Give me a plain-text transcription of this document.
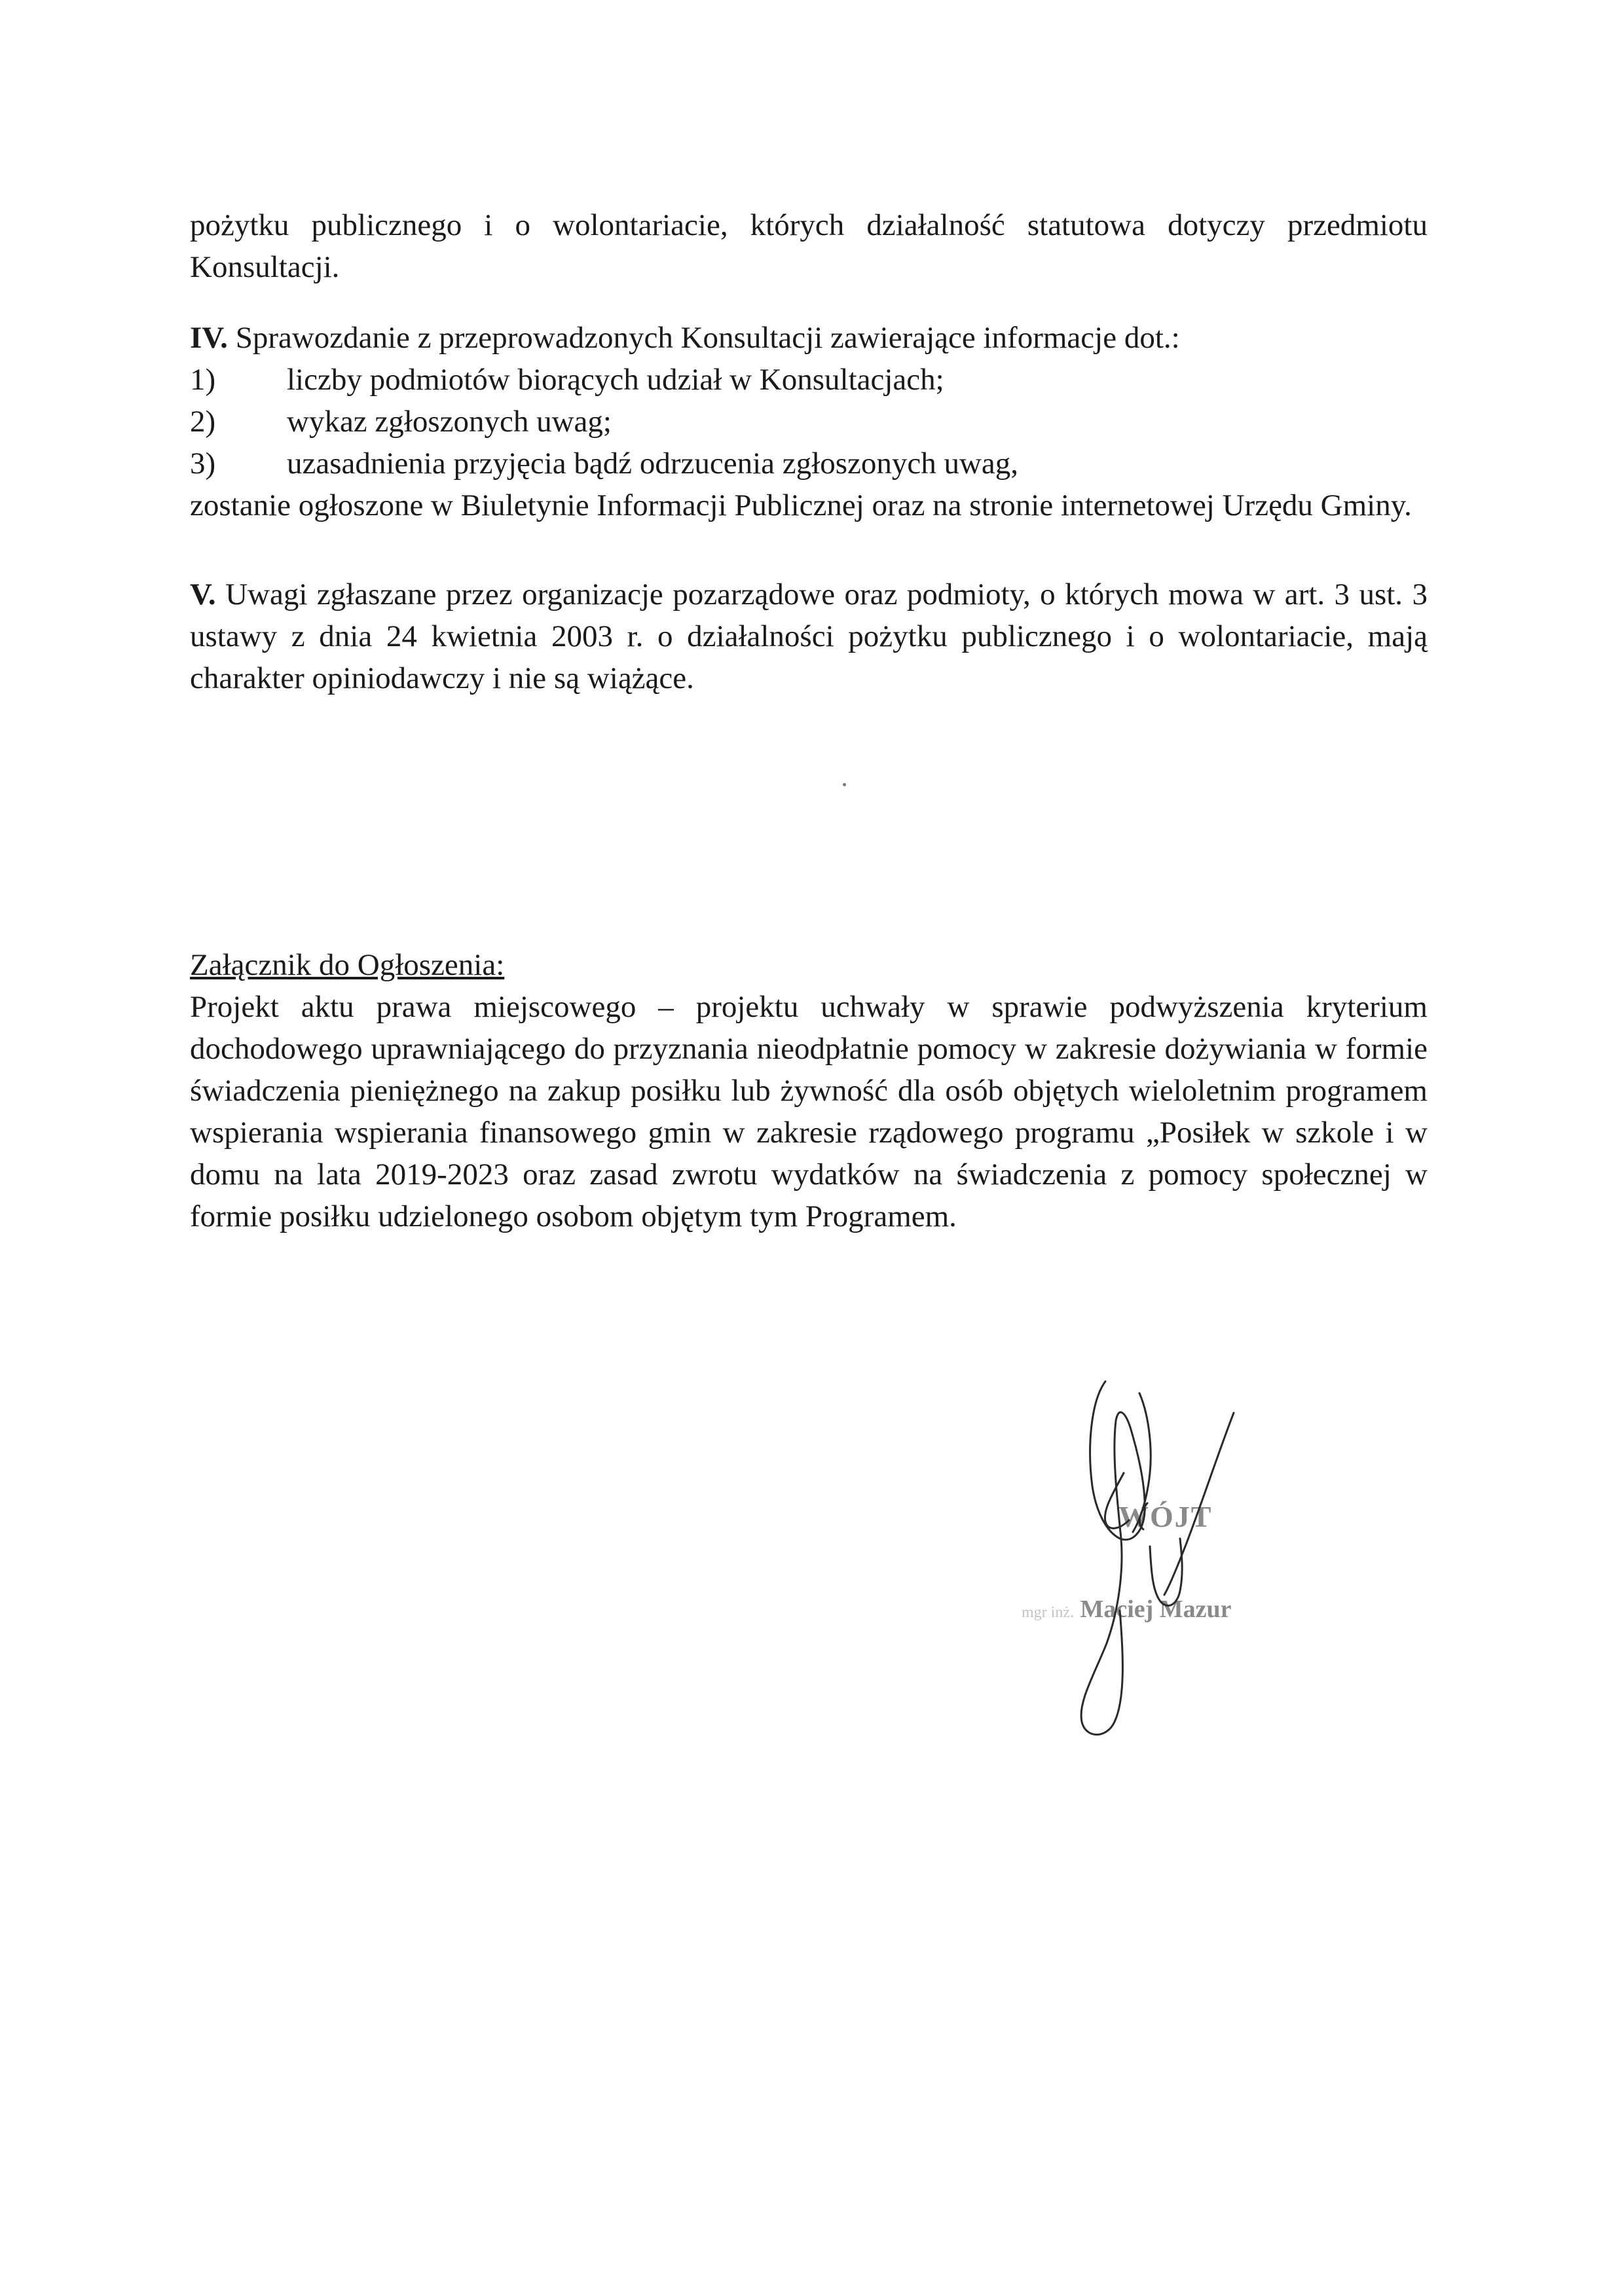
pożytku publicznego i o wolontariacie, których działalność statutowa dotyczy przedmiotu Konsultacji.
IV. Sprawozdanie z przeprowadzonych Konsultacji zawierające informacje dot.:
1)	liczby podmiotów biorących udział w Konsultacjach;
2)	wykaz zgłoszonych uwag;
3)	uzasadnienia przyjęcia bądź odrzucenia zgłoszonych uwag,
zostanie ogłoszone w Biuletynie Informacji Publicznej oraz na stronie internetowej Urzędu Gminy.
V. Uwagi zgłaszane przez organizacje pozarządowe oraz podmioty, o których mowa w art. 3 ust. 3 ustawy z dnia 24 kwietnia 2003 r. o działalności pożytku publicznego i o wolontariacie, mają charakter opiniodawczy i nie są wiążące.
Załącznik do Ogłoszenia:
Projekt aktu prawa miejscowego – projektu uchwały w sprawie podwyższenia kryterium dochodowego uprawniającego do przyznania nieodpłatnie pomocy w zakresie dożywiania w formie świadczenia pieniężnego na zakup posiłku lub żywność dla osób objętych wieloletnim programem wspierania wspierania finansowego gmin w zakresie rządowego programu „Posiłek w szkole i w domu na lata 2019-2023 oraz zasad zwrotu wydatków na świadczenia z pomocy społecznej w formie posiłku udzielonego osobom objętym tym Programem.
WÓJT
mgr inż. Maciej Mazur
